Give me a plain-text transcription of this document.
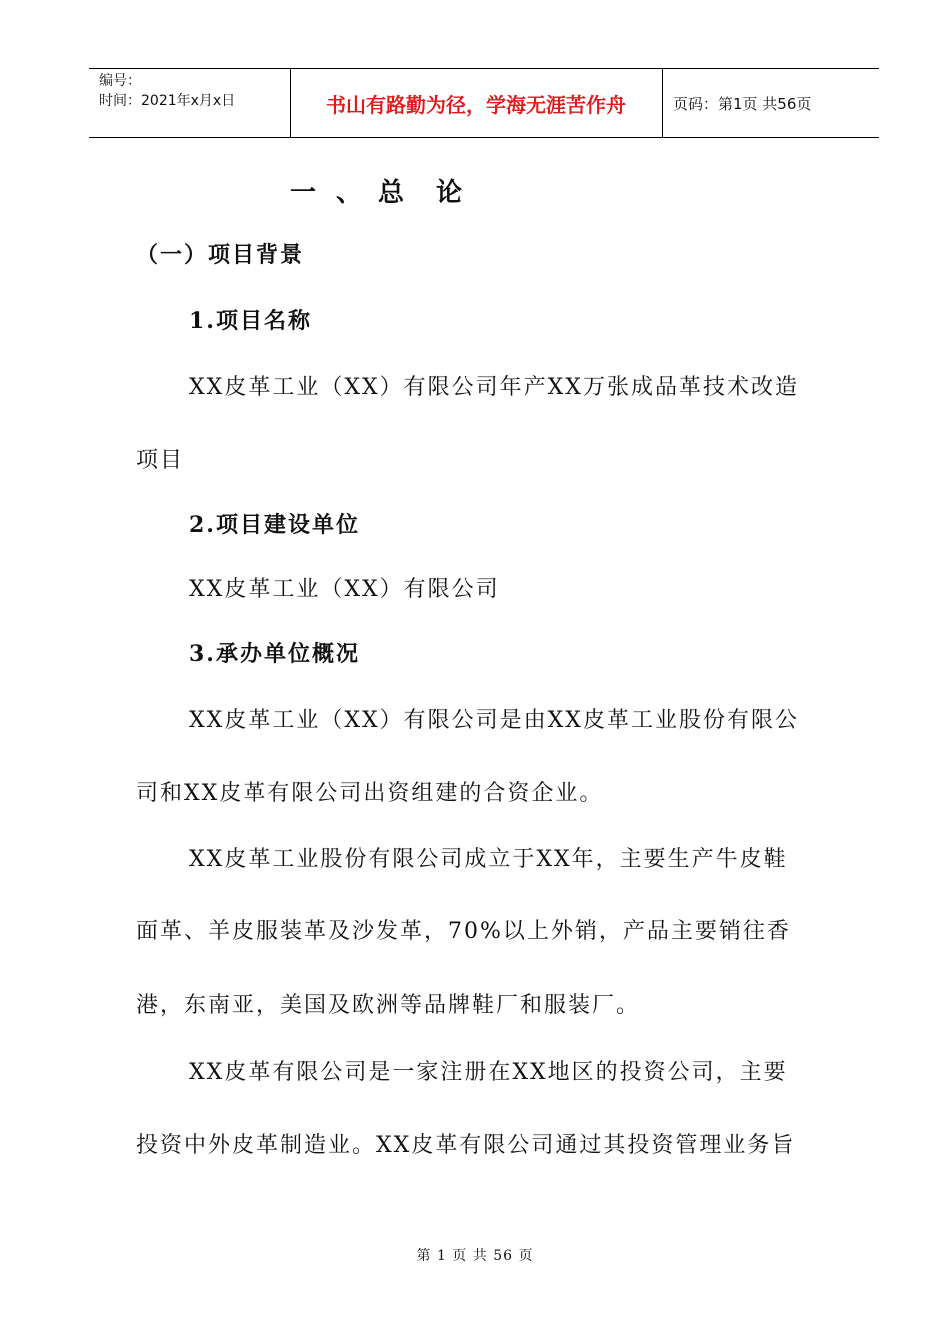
编号：
时间：2021年x月x日	书山有路勤为径，学海无涯苦作舟	页码：第1页 共56页
一 、 总 论
（一）项目背景
1.项目名称
XX皮革工业（XX）有限公司年产XX万张成品革技术改造
项目
2.项目建设单位
XX皮革工业（XX）有限公司
3.承办单位概况
XX皮革工业（XX）有限公司是由XX皮革工业股份有限公
司和XX皮革有限公司出资组建的合资企业。
XX皮革工业股份有限公司成立于XX年，主要生产牛皮鞋
面革、羊皮服装革及沙发革，70%以上外销，产品主要销往香
港，东南亚，美国及欧洲等品牌鞋厂和服装厂。
XX皮革有限公司是一家注册在XX地区的投资公司，主要
投资中外皮革制造业。XX皮革有限公司通过其投资管理业务旨
第 1 页 共 56 页
